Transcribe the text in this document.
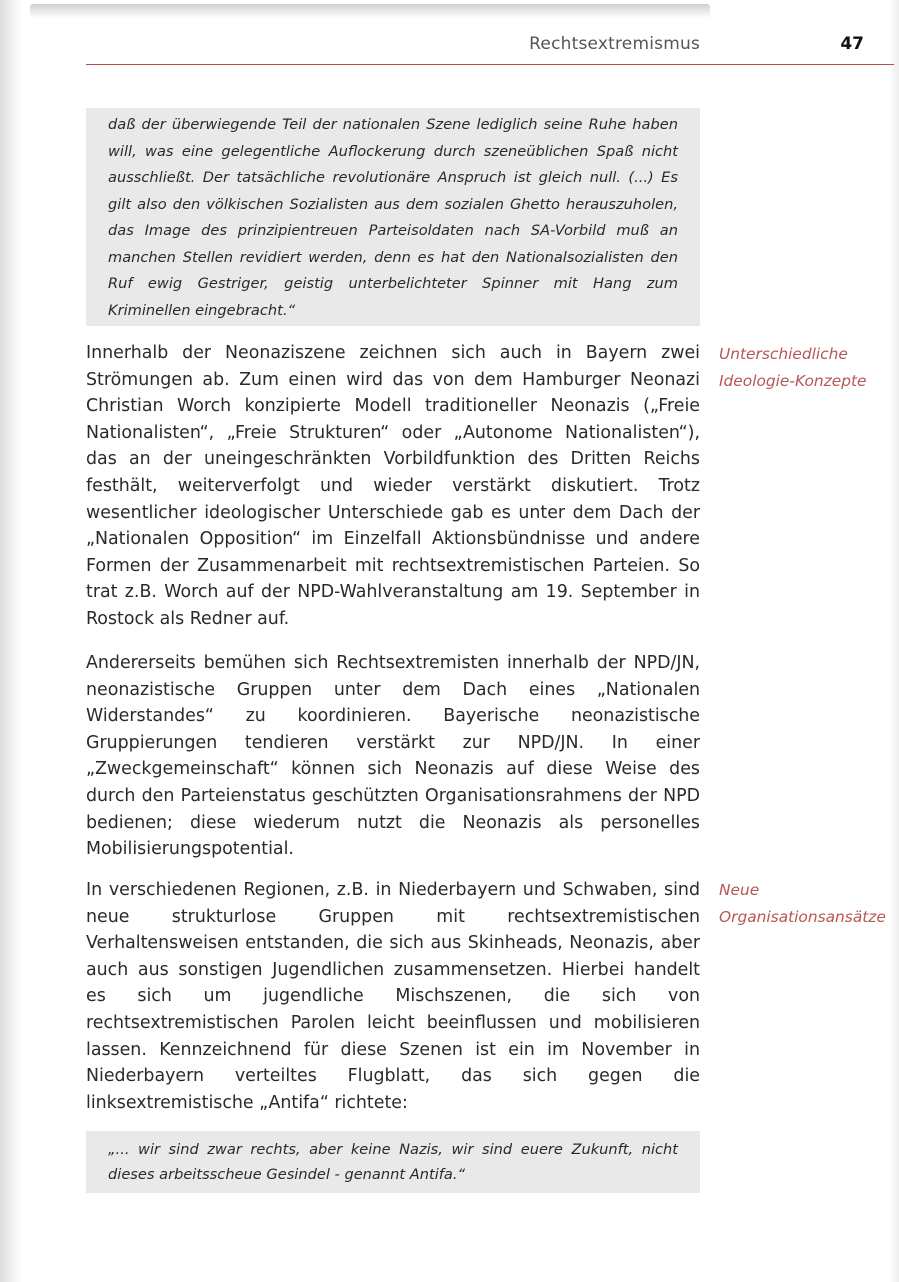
Rechtsextremismus	47
daß der überwiegende Teil der nationalen Szene lediglich seine Ruhe haben will, was eine gelegentliche Auflockerung durch szeneüblichen Spaß nicht ausschließt. Der tatsächliche revolutionäre Anspruch ist gleich null. (...) Es gilt also den völkischen Sozialisten aus dem sozialen Ghetto herauszuholen, das Image des prinzipientreuen Parteisoldaten nach SA-Vorbild muß an manchen Stellen revidiert werden, denn es hat den Nationalsozialisten den Ruf ewig Gestriger, geistig unterbelichteter Spinner mit Hang zum Kriminellen eingebracht.“
Innerhalb der Neonaziszene zeichnen sich auch in Bayern zwei Strömungen ab. Zum einen wird das von dem Hamburger Neonazi Christian Worch konzipierte Modell traditioneller Neonazis („Freie Nationalisten“, „Freie Strukturen“ oder „Autonome Nationalisten“), das an der uneingeschränkten Vorbildfunktion des Dritten Reichs festhält, weiterverfolgt und wieder verstärkt diskutiert. Trotz wesentlicher ideologischer Unterschiede gab es unter dem Dach der „Nationalen Opposition“ im Einzelfall Aktionsbündnisse und andere Formen der Zusammenarbeit mit rechtsextremistischen Parteien. So trat z.B. Worch auf der NPD-Wahlveranstaltung am 19. September in Rostock als Redner auf.
Unterschiedliche Ideologie-Konzepte
Andererseits bemühen sich Rechtsextremisten innerhalb der NPD/JN, neonazistische Gruppen unter dem Dach eines „Nationalen Widerstandes“ zu koordinieren. Bayerische neonazistische Gruppierungen tendieren verstärkt zur NPD/JN. In einer „Zweckgemeinschaft“ können sich Neonazis auf diese Weise des durch den Parteienstatus geschützten Organisationsrahmens der NPD bedienen; diese wiederum nutzt die Neonazis als personelles Mobilisierungspotential.
In verschiedenen Regionen, z.B. in Niederbayern und Schwaben, sind neue strukturlose Gruppen mit rechtsextremistischen Verhaltensweisen entstanden, die sich aus Skinheads, Neonazis, aber auch aus sonstigen Jugendlichen zusammensetzen. Hierbei handelt es sich um jugendliche Mischszenen, die sich von rechtsextremistischen Parolen leicht beeinflussen und mobilisieren lassen. Kennzeichnend für diese Szenen ist ein im November in Niederbayern verteiltes Flugblatt, das sich gegen die linksextremistische „Antifa“ richtete:
Neue Organisationsansätze
„... wir sind zwar rechts, aber keine Nazis, wir sind euere Zukunft, nicht dieses arbeitsscheue Gesindel - genannt Antifa.“
